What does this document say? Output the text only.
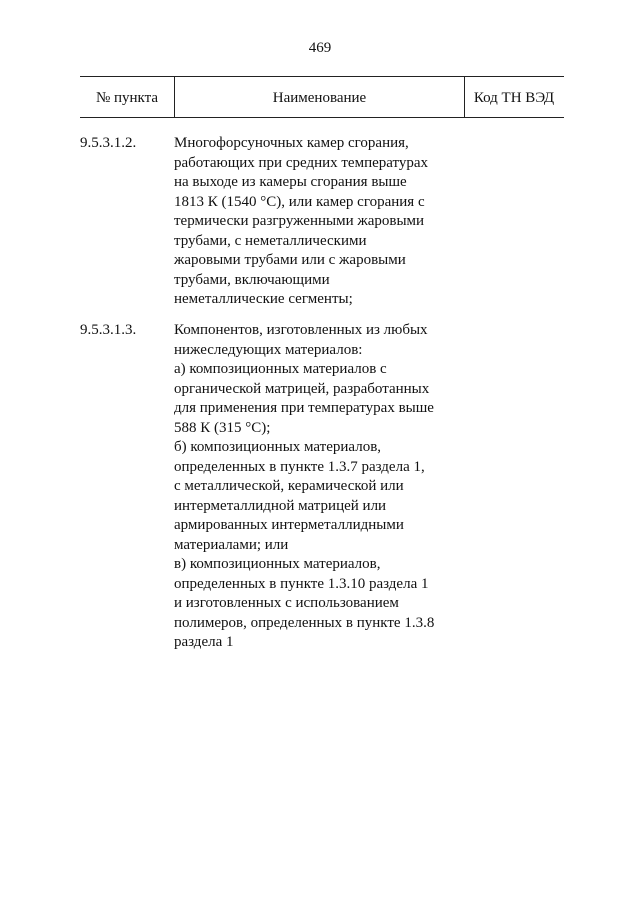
469
№ пункта	Наименование	Код ТН ВЭД
9.5.3.1.2.	Многофорсуночных камер сгорания,
работающих при средних температурах
на выходе из камеры сгорания выше
1813 К (1540 °С), или камер сгорания с
термически разгруженными жаровыми
трубами, с неметаллическими
жаровыми трубами или с жаровыми
трубами, включающими
неметаллические сегменты;
9.5.3.1.3.	Компонентов, изготовленных из любых
нижеследующих материалов:
а) композиционных материалов с
органической матрицей, разработанных
для применения при температурах выше
588 К (315 °С);
б) композиционных материалов,
определенных в пункте 1.3.7 раздела 1,
с металлической, керамической или
интерметаллидной матрицей или
армированных интерметаллидными
материалами; или
в) композиционных материалов,
определенных в пункте 1.3.10 раздела 1
и изготовленных с использованием
полимеров, определенных в пункте 1.3.8
раздела 1
